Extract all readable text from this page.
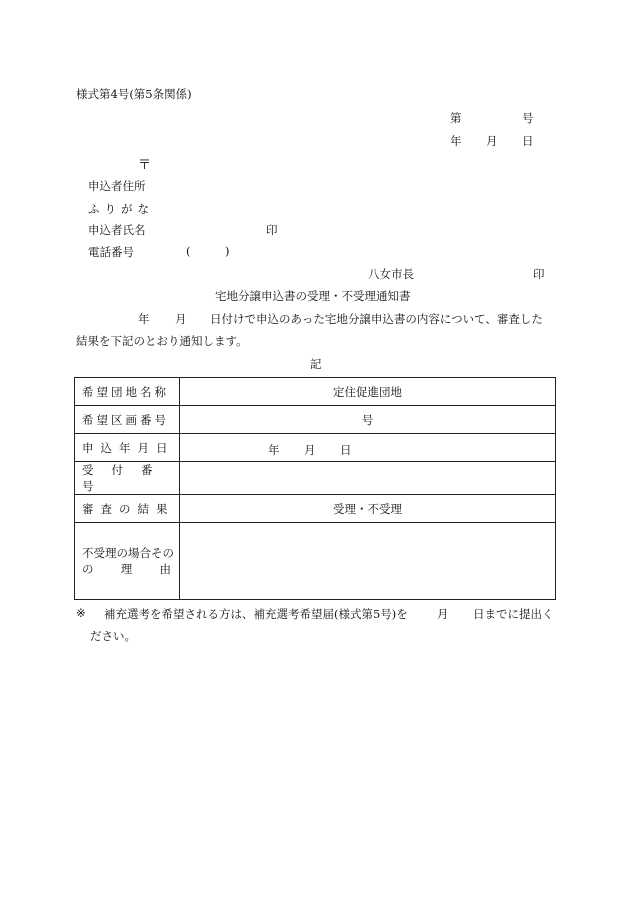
様式第4号(第5条関係)
第	号
年 月 日
〒
申込者住所
ふりがな
申込者氏名	印
電話番号	(	)
八女市長	印
宅地分譲申込書の受理・不受理通知書
年 月 日付けで申込のあった宅地分譲申込書の内容について、審査した
結果を下記のとおり通知します。
記
希望団地名称	定住促進団地
希望区画番号	号
申込年月日	年 月 日

受付番号	
審査の結果	受理・不受理

不受理の場合その
の 理 由	

※ 補充選考を希望される方は、補充選考希望届(様式第5号)を	月 日までに提出く
ださい。
